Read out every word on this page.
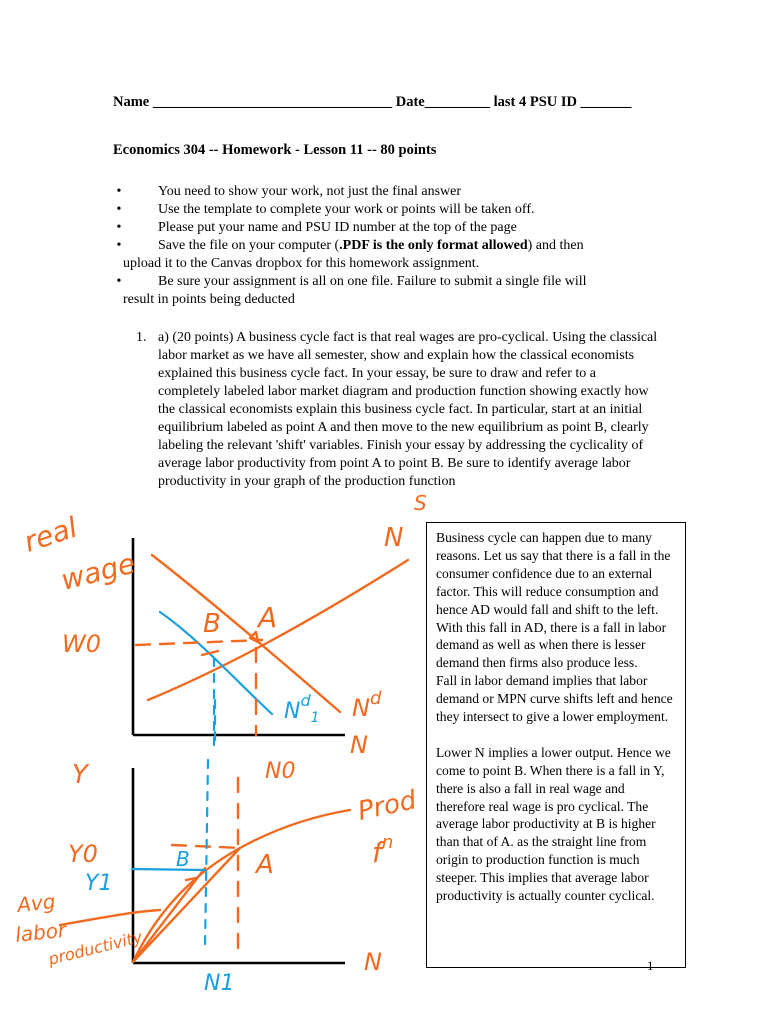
Name _________________________________ Date_________ last 4 PSU ID _______
Economics 304 -- Homework - Lesson 11 -- 80 points
•	You need to show your work, not just the final answer
•	Use the template to complete your work or points will be taken off.
•	Please put your name and PSU ID number at the top of the page
•	Save the file on your computer (.PDF is the only format allowed) and then
upload it to the Canvas dropbox for this homework assignment.
•	Be sure your assignment is all on one file. Failure to submit a single file will
result in points being deducted
1. a) (20 points) A business cycle fact is that real wages are pro-cyclical. Using the classical labor market as we have all semester, show and explain how the classical economists explained this business cycle fact. In your essay, be sure to draw and refer to a completely labeled labor market diagram and production function showing exactly how the classical economists explain this business cycle fact. In particular, start at an initial equilibrium labeled as point A and then move to the new equilibrium as point B, clearly labeling the relevant 'shift' variables. Finish your essay by addressing the cyclicality of average labor productivity from point A to point B. Be sure to identify average labor productivity in your graph of the production function
real
wage
W0
B A
N
S
$N^d$
N
N0
Y
Y0	A
Prod
$f^n$
Avg
labor
productivity	N
$N^d_1$
Y1
B
N1

Business cycle can happen due to many reasons. Let us say that there is a fall in the consumer confidence due to an external factor. This will reduce consumption and hence AD would fall and shift to the left. With this fall in AD, there is a fall in labor demand as well as when there is lesser demand then firms also produce less.

Fall in labor demand implies that labor demand or MPN curve shifts left and hence they intersect to give a lower employment.

Lower N implies a lower output. Hence we come to point B. When there is a fall in Y, there is also a fall in real wage and therefore real wage is pro cyclical. The average labor productivity at B is higher than that of A. as the straight line from origin to production function is much steeper. This implies that average labor productivity is actually counter cyclical.

1
